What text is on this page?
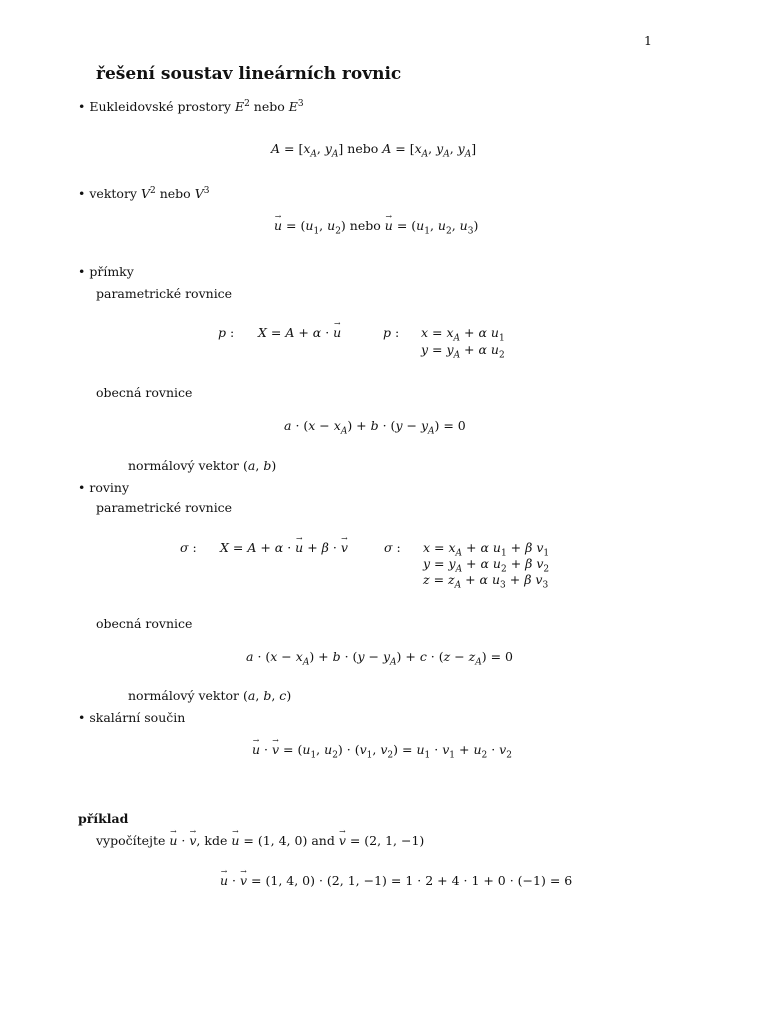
1
řešení soustav lineárních rovnic
• Eukleidovské prostory $E^2$ nebo $E^3$
$A = [x_A$, $y_A$] nebo $A = [x_A$, $y_A$, $y_A$]
• vektory $V^2$ nebo $V^3$
u → = ($u_1$, $u_2$) nebo u → = ($u_1$, $u_2$, $u_3$)
• přímky
parametrické rovnice
p : X = A + α · u →	p : $x = x_A + \alpha$ $u_1$
$y = y_A + \alpha$ $u_2$
obecná rovnice
$a \cdot (x - x_A) + b \cdot (y - y_A) = 0$
normálový vektor (a, b)
• roviny
parametrické rovnice
σ : X = A + α · u → + β · v →	σ : $x = x_A + \alpha$ $u_1 + \beta$ $v_1$
$y = y_A + \alpha$ $u_2 + \beta$ $v_2$
$z = z_A + \alpha$ $u_3 + \beta$ $v_3$
obecná rovnice
$a \cdot (x - x_A) + b \cdot (y - y_A) + c \cdot (z - z_A) = 0$
normálový vektor (a, b, c)
• skalární součin
u → · v → = ($u_1$, $u_2) \cdot (v_1$, $v_2) = u_1 \cdot v_1 + u_2 \cdot v_2$
příklad
vypočítejte u → · v →, kde u → = (1, 4, 0) and v → = (2, 1, −1)
u → · v → = (1, 4, 0) · (2, 1, −1) = 1 · 2 + 4 · 1 + 0 · (−1) = 6
